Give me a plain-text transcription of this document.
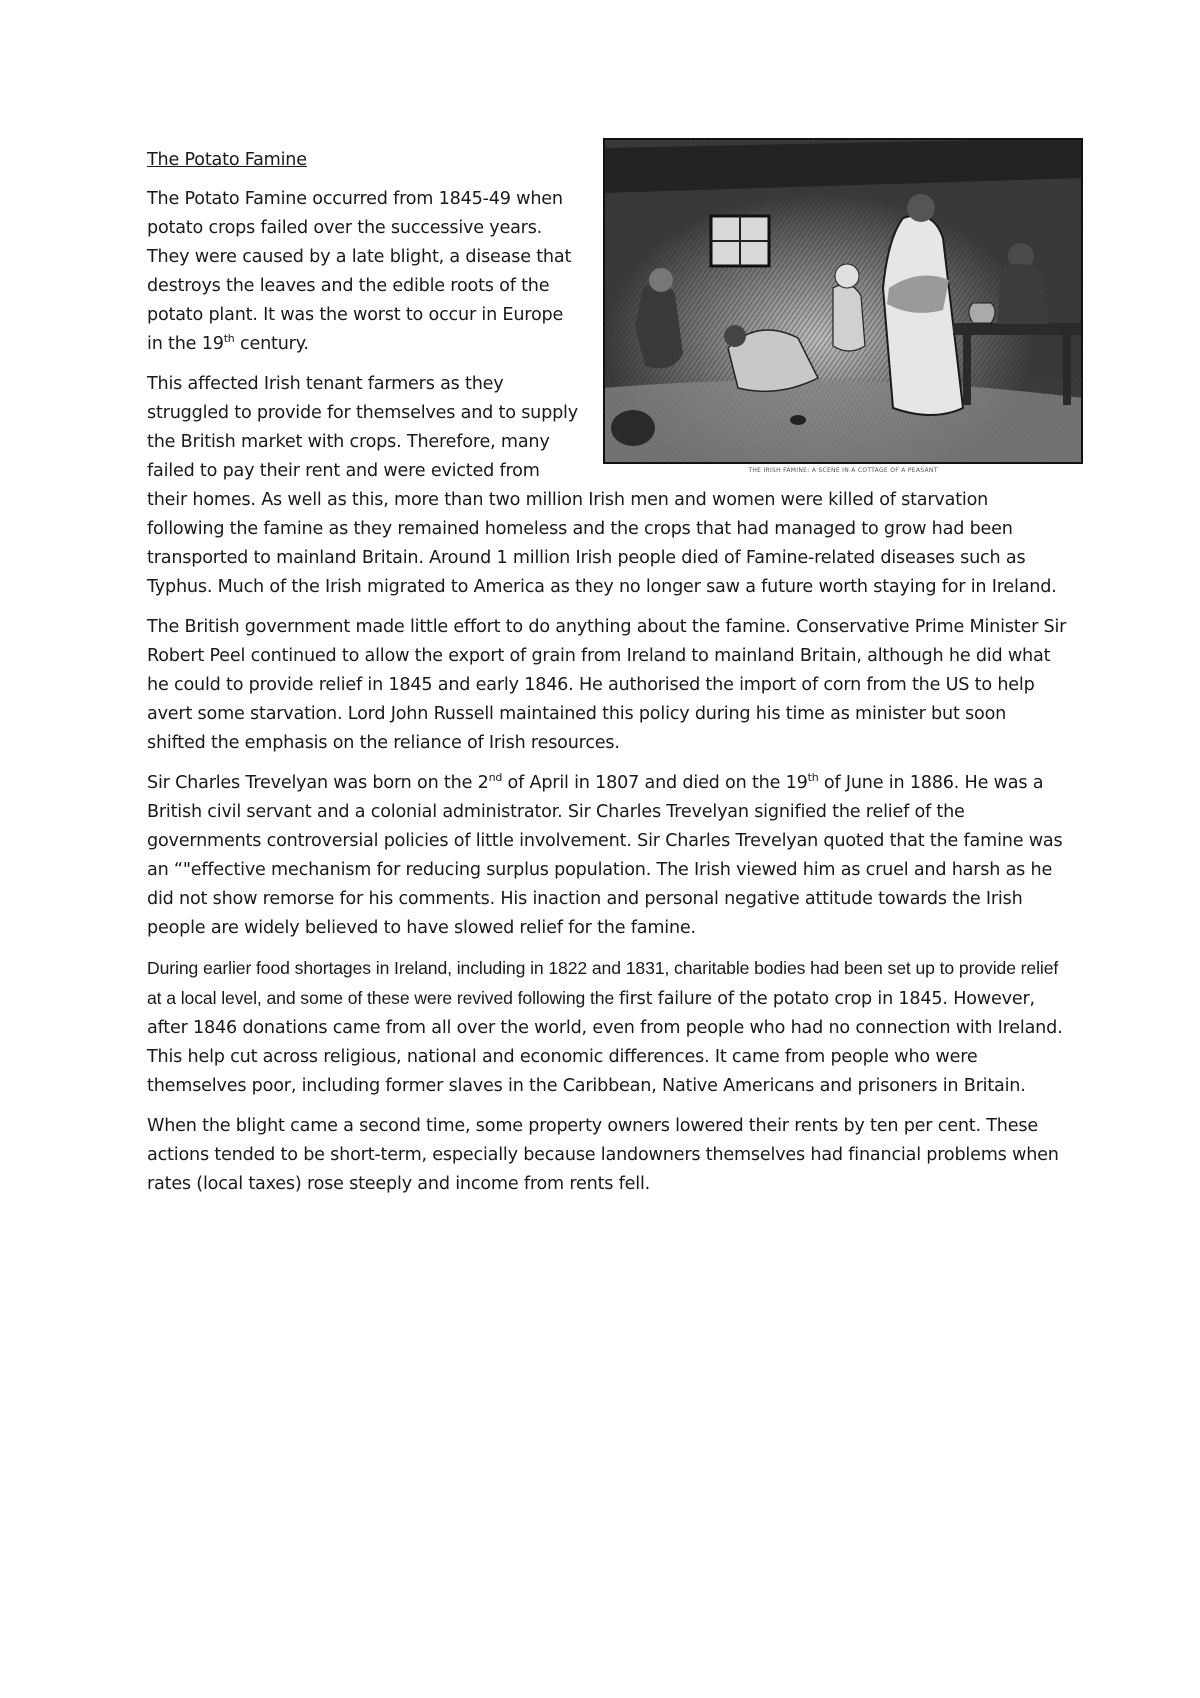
THE IRISH FAMINE: A SCENE IN A COTTAGE OF A PEASANT
The Potato Famine

The Potato Famine occurred from 1845-49 when potato crops failed over the successive years. They were caused by a late blight, a disease that destroys the leaves and the edible roots of the potato plant. It was the worst to occur in Europe in the 19th century.

This affected Irish tenant farmers as they struggled to provide for themselves and to supply the British market with crops. Therefore, many failed to pay their rent and were evicted from their homes. As well as this, more than two million Irish men and women were killed of starvation following the famine as they remained homeless and the crops that had managed to grow had been transported to mainland Britain. Around 1 million Irish people died of Famine-related diseases such as Typhus. Much of the Irish migrated to America as they no longer saw a future worth staying for in Ireland.

The British government made little effort to do anything about the famine. Conservative Prime Minister Sir Robert Peel continued to allow the export of grain from Ireland to mainland Britain, although he did what he could to provide relief in 1845 and early 1846. He authorised the import of corn from the US to help avert some starvation. Lord John Russell maintained this policy during his time as minister but soon shifted the emphasis on the reliance of Irish resources.

Sir Charles Trevelyan was born on the 2nd of April in 1807 and died on the 19th of June in 1886. He was a British civil servant and a colonial administrator. Sir Charles Trevelyan signified the relief of the governments controversial policies of little involvement. Sir Charles Trevelyan quoted that the famine was an “"effective mechanism for reducing surplus population. The Irish viewed him as cruel and harsh as he did not show remorse for his comments. His inaction and personal negative attitude towards the Irish people are widely believed to have slowed relief for the famine.

During earlier food shortages in Ireland, including in 1822 and 1831, charitable bodies had been set up to provide relief at a local level, and some of these were revived following the first failure of the potato crop in 1845. However, after 1846 donations came from all over the world, even from people who had no connection with Ireland. This help cut across religious, national and economic differences. It came from people who were themselves poor, including former slaves in the Caribbean, Native Americans and prisoners in Britain.

When the blight came a second time, some property owners lowered their rents by ten per cent. These actions tended to be short-term, especially because landowners themselves had financial problems when rates (local taxes) rose steeply and income from rents fell.
